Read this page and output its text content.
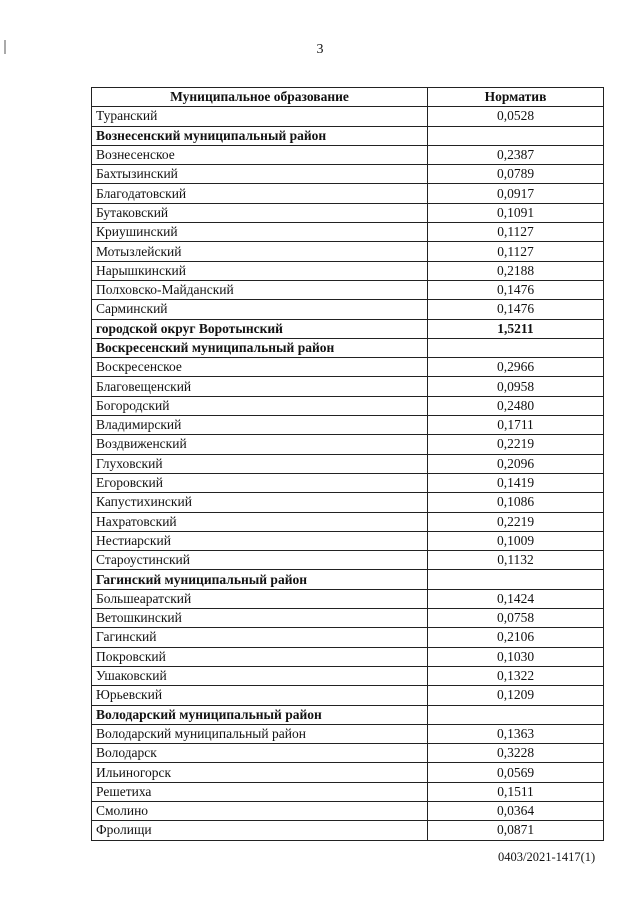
3
Муниципальное образование	Норматив
Туранский	0,0528
Вознесенский муниципальный район	
Вознесенское	0,2387
Бахтызинский	0,0789
Благодатовский	0,0917
Бутаковский	0,1091
Криушинский	0,1127
Мотызлейский	0,1127
Нарышкинский	0,2188
Полховско-Майданский	0,1476
Сарминский	0,1476
городской округ Воротынский	1,5211
Воскресенский муниципальный район	
Воскресенское	0,2966
Благовещенский	0,0958
Богородский	0,2480
Владимирский	0,1711
Воздвиженский	0,2219
Глуховский	0,2096
Егоровский	0,1419
Капустихинский	0,1086
Нахратовский	0,2219
Нестиарский	0,1009
Староустинский	0,1132
Гагинский муниципальный район	
Большеаратский	0,1424
Ветошкинский	0,0758
Гагинский	0,2106
Покровский	0,1030
Ушаковский	0,1322
Юрьевский	0,1209
Володарский муниципальный район	
Володарский муниципальный район	0,1363
Володарск	0,3228
Ильиногорск	0,0569
Решетиха	0,1511
Смолино	0,0364
Фролищи	0,0871
0403/2021-1417(1)
